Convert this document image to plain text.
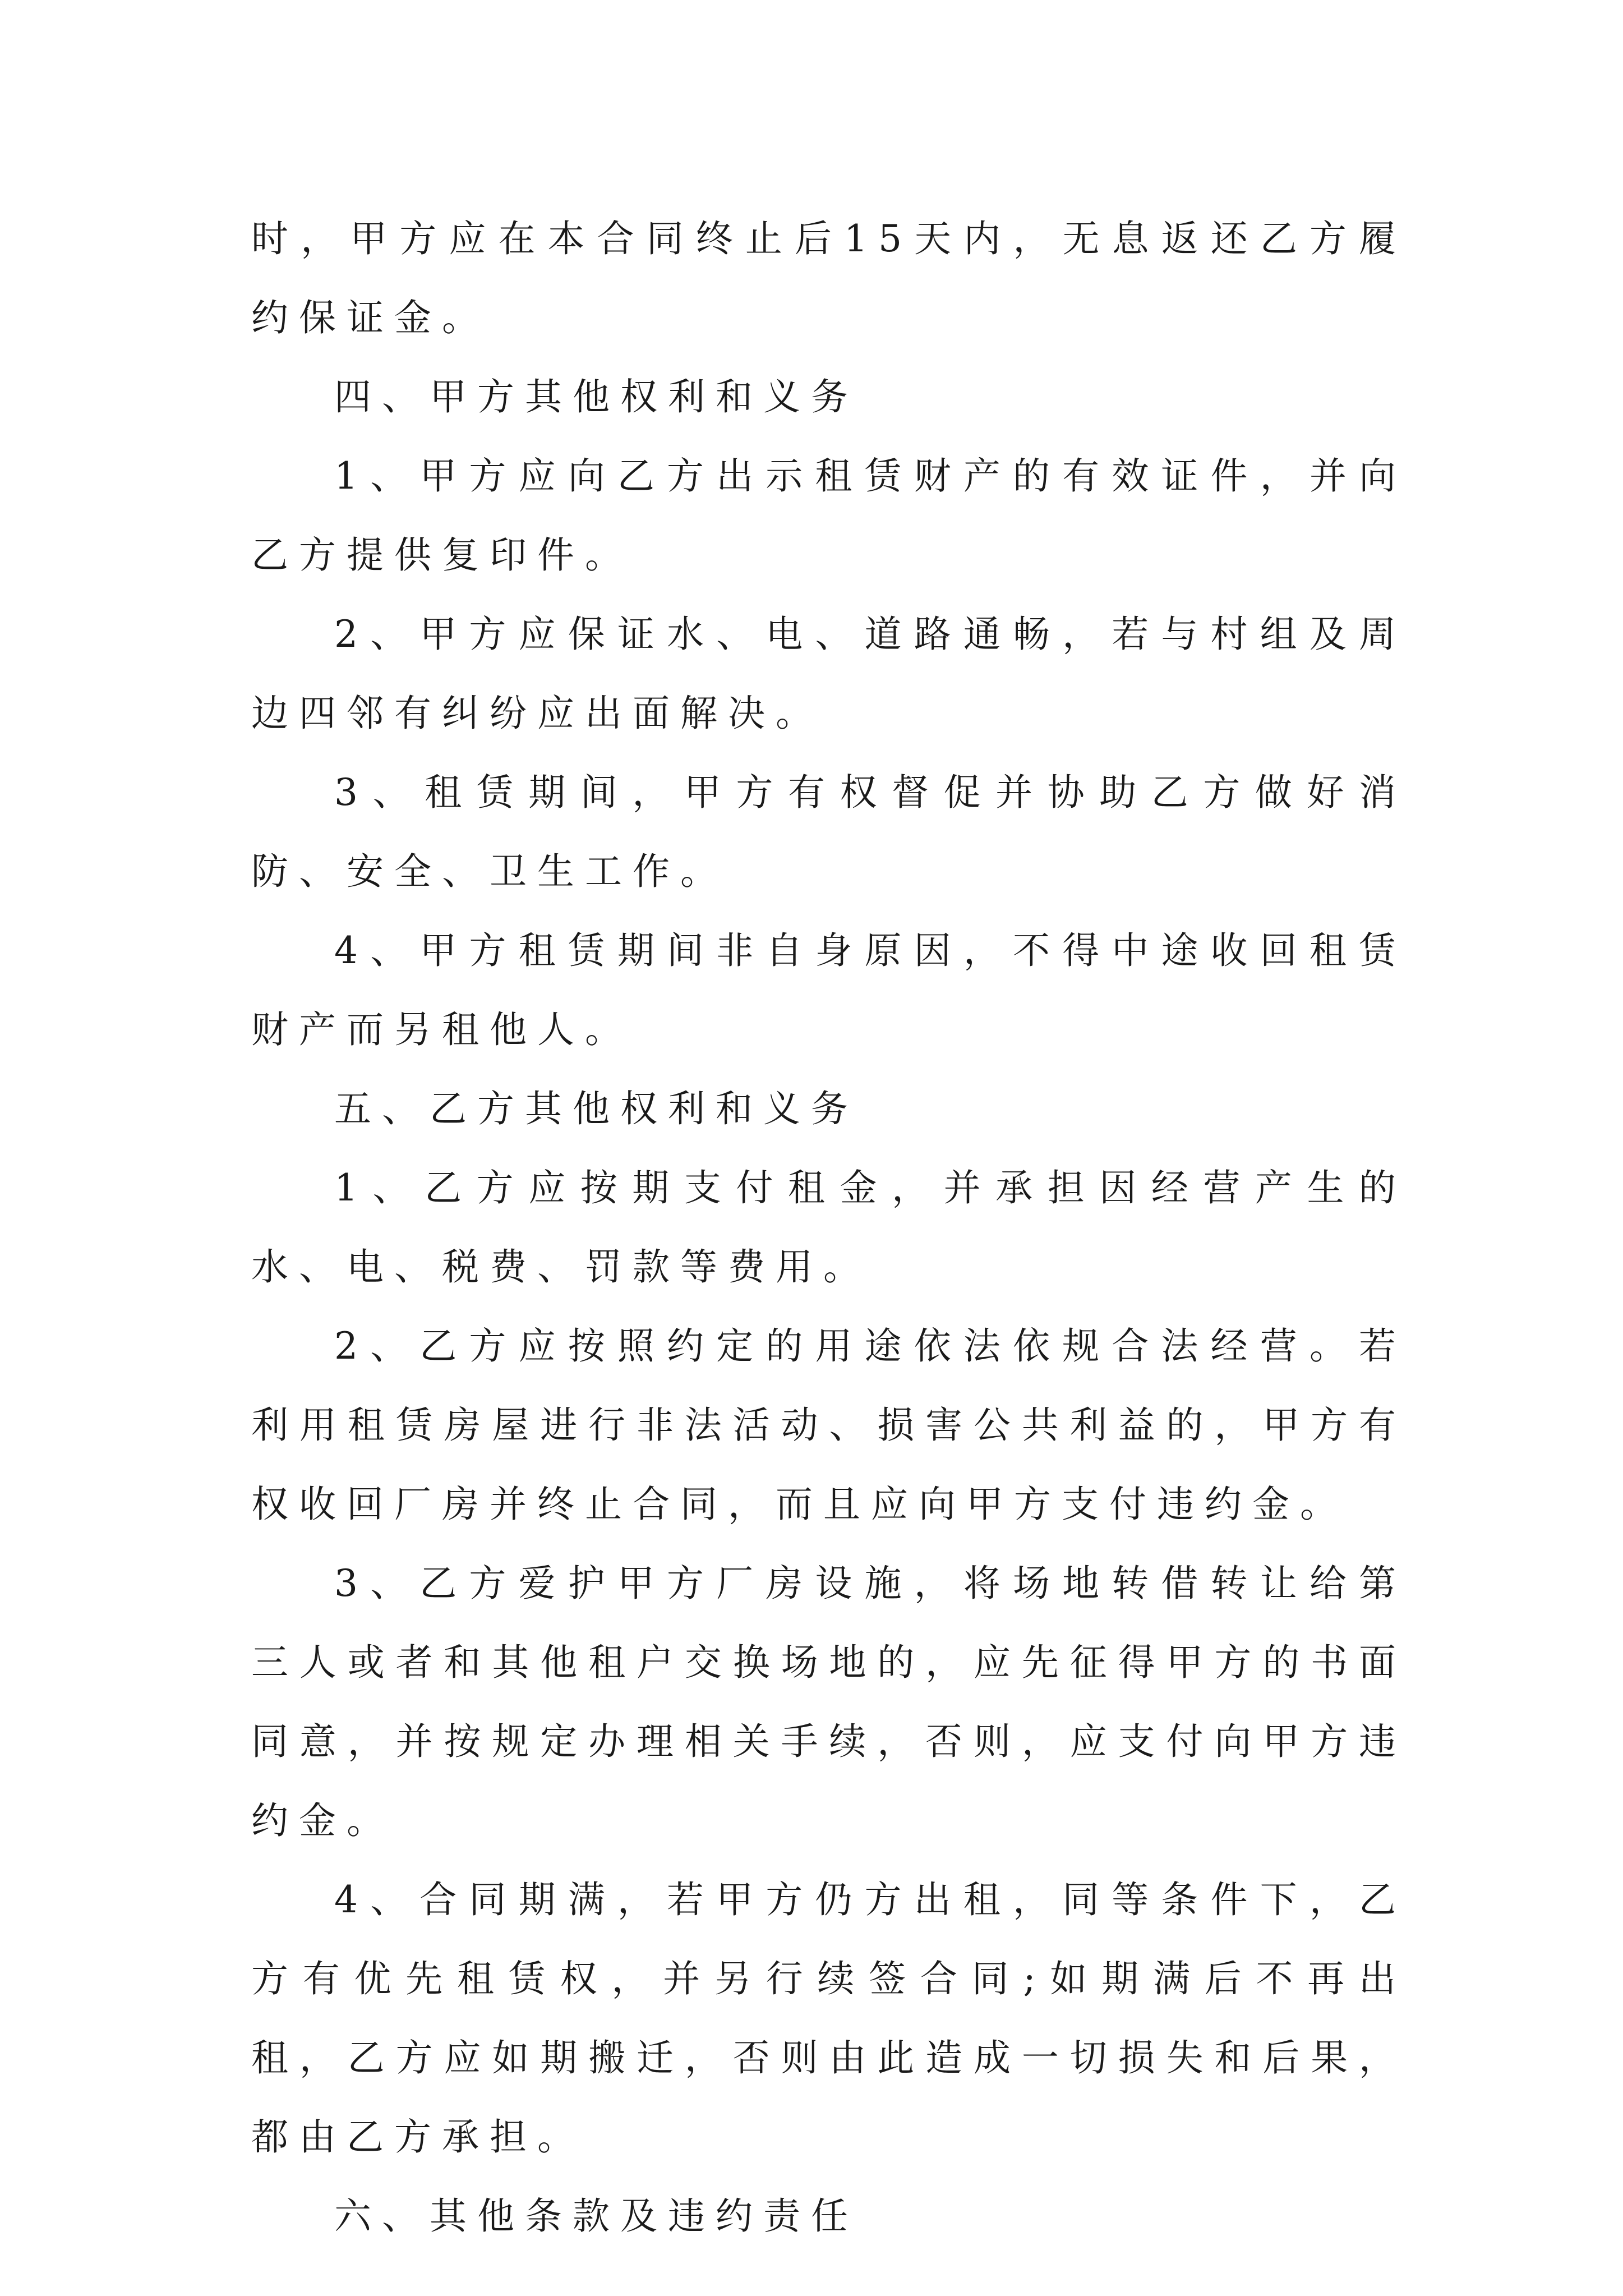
时，甲方应在本合同终止后15天内，无息返还乙方履约保证金。

四、甲方其他权利和义务

1、甲方应向乙方出示租赁财产的有效证件，并向乙方提供复印件。

2、甲方应保证水、电、道路通畅，若与村组及周边四邻有纠纷应出面解决。

3、租赁期间，甲方有权督促并协助乙方做好消防、安全、卫生工作。

4、甲方租赁期间非自身原因，不得中途收回租赁财产而另租他人。

五、乙方其他权利和义务

1、乙方应按期支付租金，并承担因经营产生的水、电、税费、罚款等费用。

2、乙方应按照约定的用途依法依规合法经营。若利用租赁房屋进行非法活动、损害公共利益的，甲方有权收回厂房并终止合同，而且应向甲方支付违约金。

3、乙方爱护甲方厂房设施，将场地转借转让给第三人或者和其他租户交换场地的，应先征得甲方的书面同意，并按规定办理相关手续，否则，应支付向甲方违约金。

4、合同期满，若甲方仍方出租，同等条件下，乙方有优先租赁权，并另行续签合同;如期满后不再出租，乙方应如期搬迁，否则由此造成一切损失和后果，都由乙方承担。

六、其他条款及违约责任
